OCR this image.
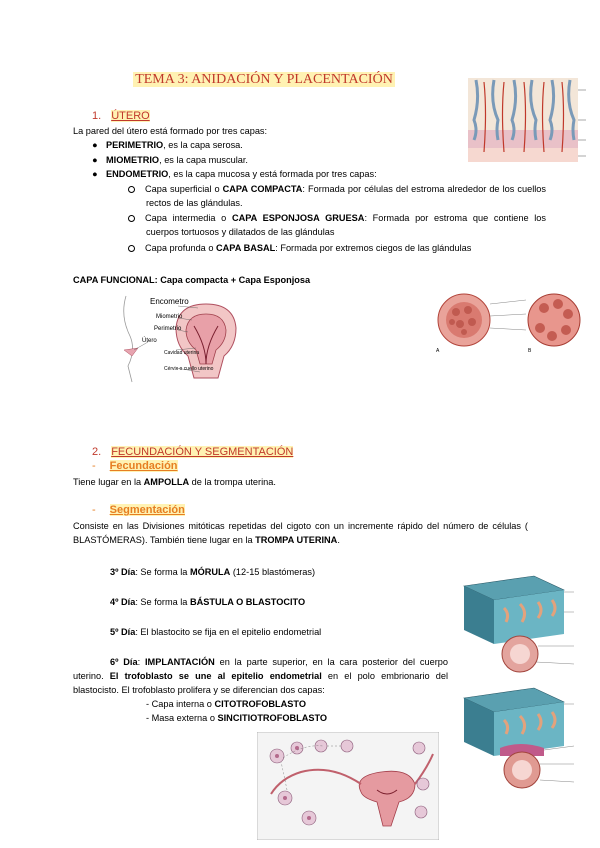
TEMA 3: ANIDACIÓN Y PLACENTACIÓN
1. ÚTERO
La pared del útero está formado por tres capas:
● PERIMETRIO, es la capa serosa.
● MIOMETRIO, es la capa muscular.
● ENDOMETRIO, es la capa mucosa y está formada por tres capas:
Capa superficial o CAPA COMPACTA: Formada por células del estroma alrededor de los cuellos rectos de las glándulas.
Capa intermedia o CAPA ESPONJOSA GRUESA: Formada por estroma que contiene los cuerpos tortuosos y dilatados de las glándulas
Capa profunda o CAPA BASAL: Formada por extremos ciegos de las glándulas
CAPA FUNCIONAL: Capa compacta + Capa Esponjosa
Encometro
Miometrio
Perimetrio
Útero
Cavidad uterina
Cérvix o cuello uterino
A	B
2. FECUNDACIÓN Y SEGMENTACIÓN
- Fecundación
Tiene lugar en la AMPOLLA de la trompa uterina.
- Segmentación
Consiste en las Divisiones mitóticas repetidas del cigoto con un incremente rápido del número de células ( BLASTÓMERAS). También tiene lugar en la TROMPA UTERINA.
3º Día: Se forma la MÓRULA (12-15 blastómeras)
4º Día: Se forma la BÁSTULA O BLASTOCITO
5º Día: El blastocito se fija en el epitelio endometrial
6º Día: IMPLANTACIÓN en la parte superior, en la cara posterior del cuerpo uterino. El trofoblasto se une al epitelio endometrial en el polo embrionario del blastocisto. El trofoblasto prolifera y se diferencian dos capas:
- Capa interna o CITOTROFOBLASTO
- Masa externa o SINCITIOTROFOBLASTO
